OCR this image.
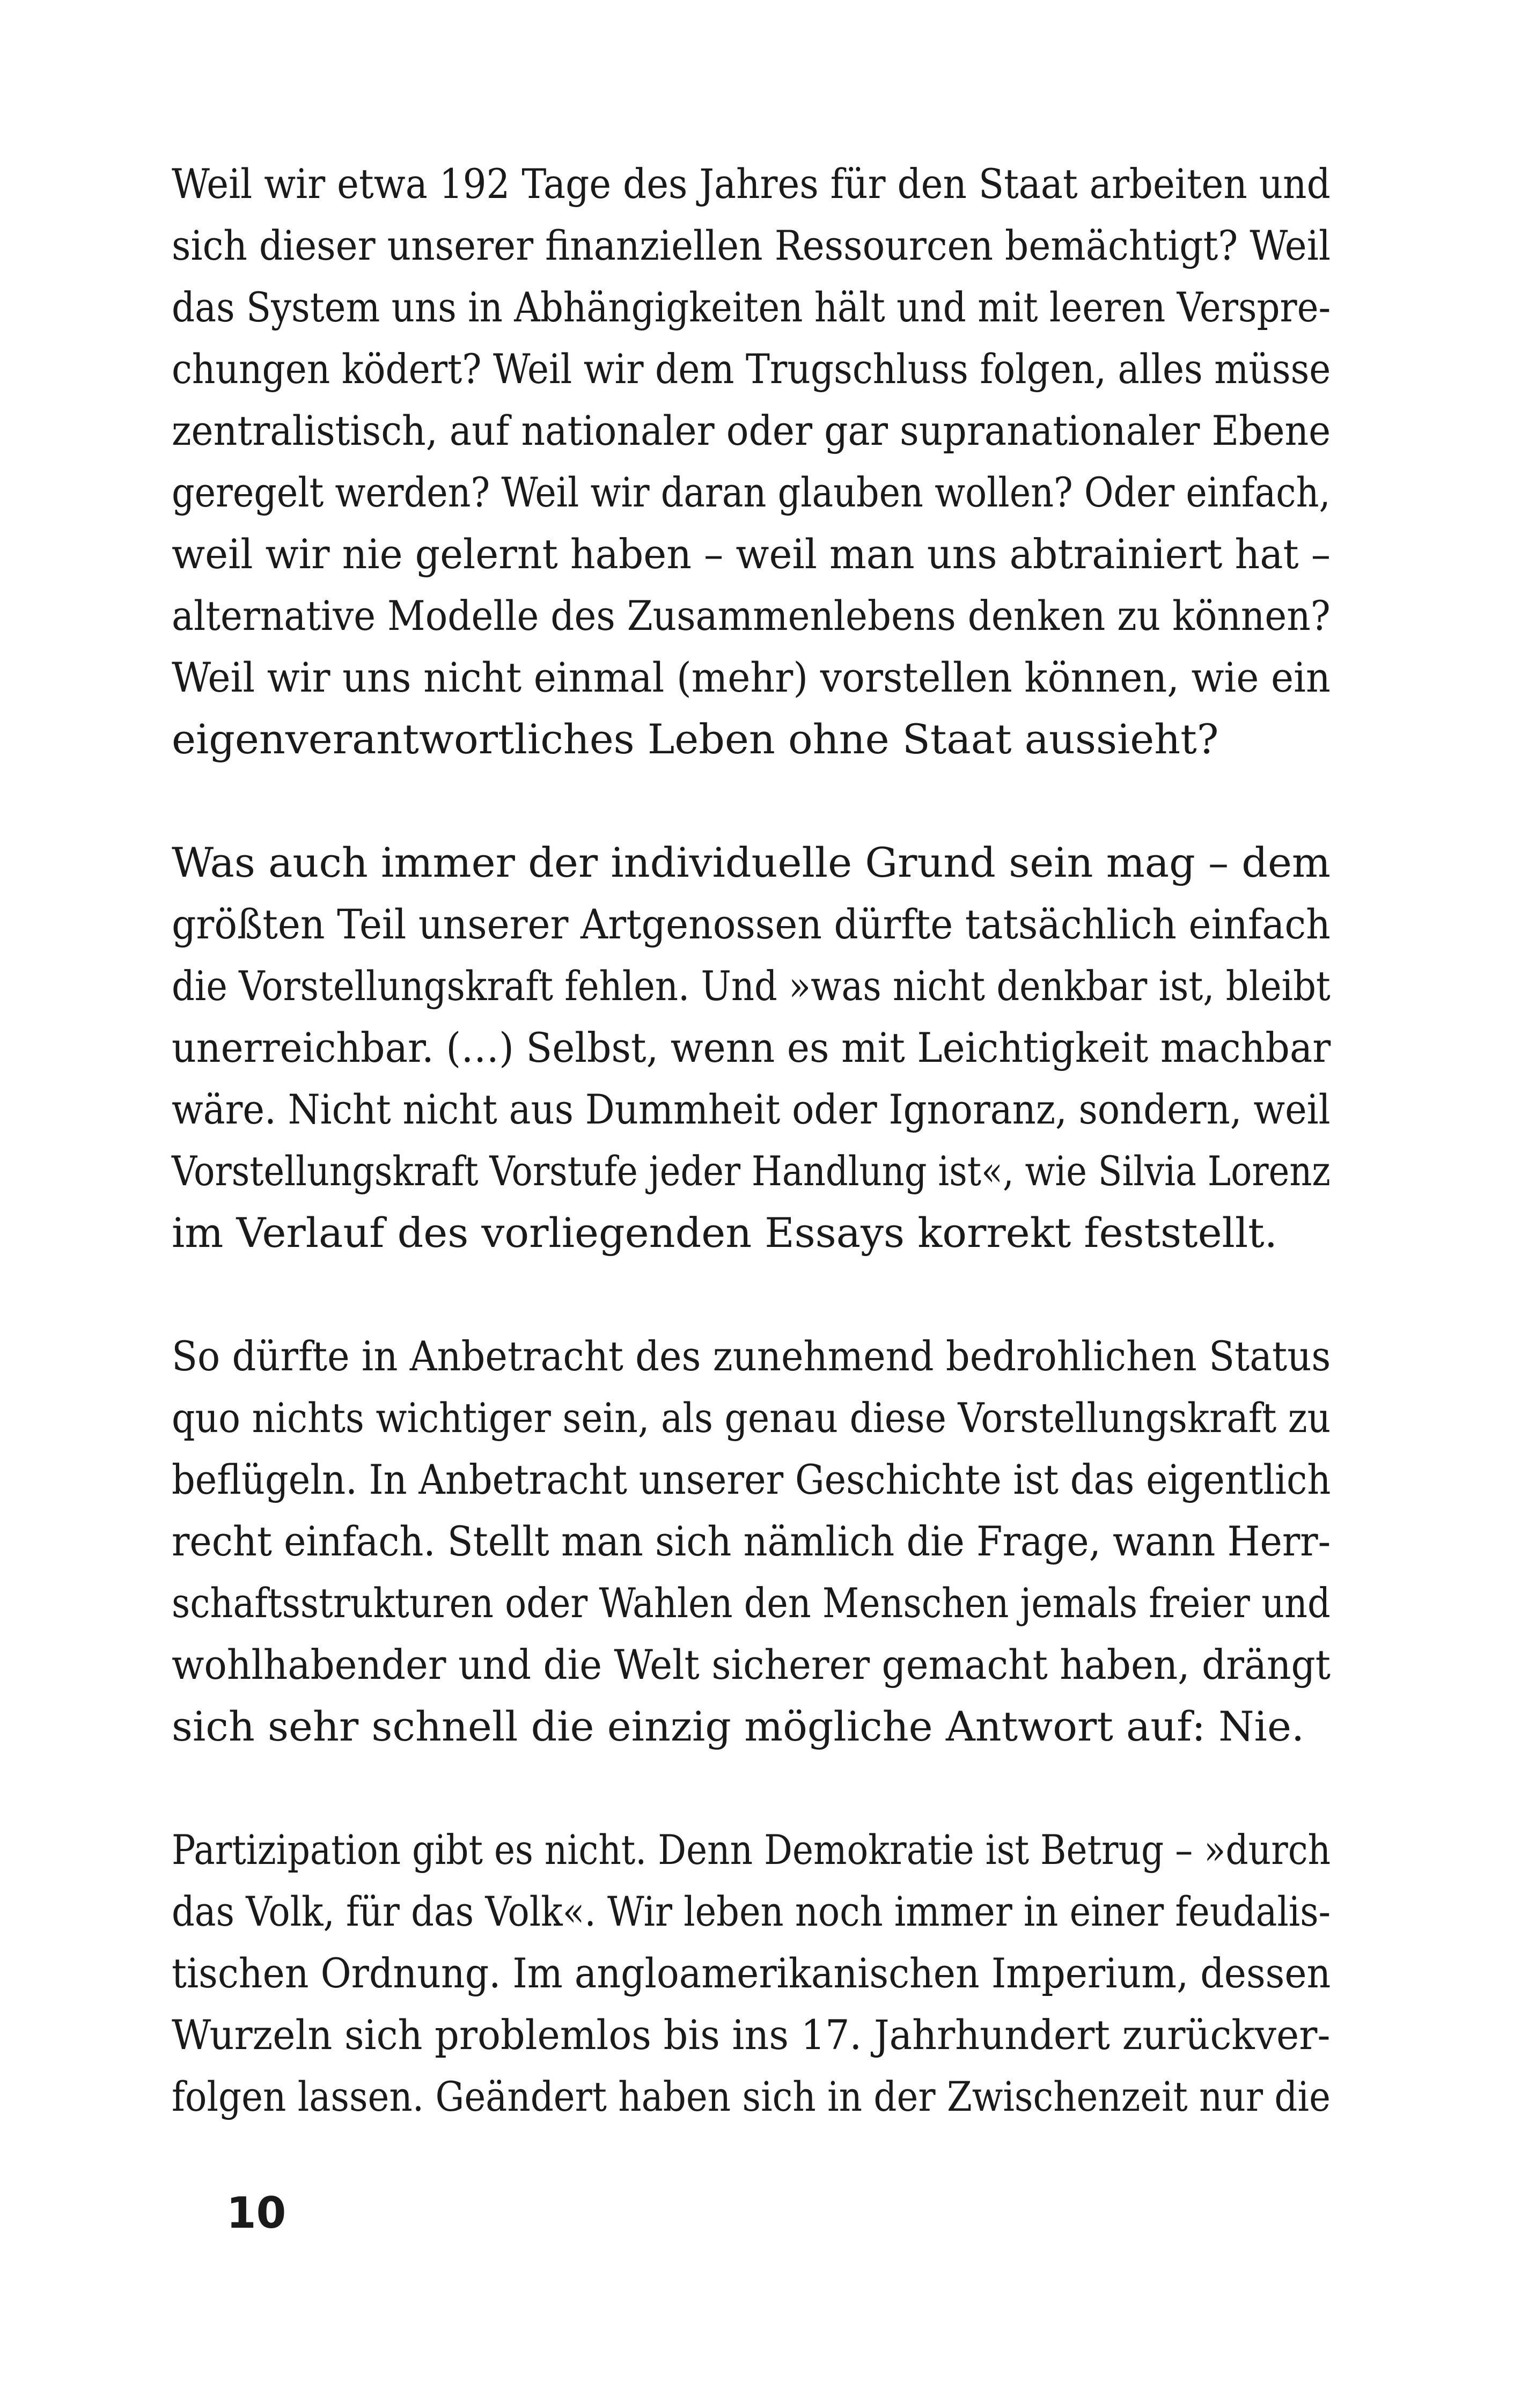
Weil wir etwa 192 Tage des Jahres für den Staat arbeiten und
sich dieser unserer finanziellen Ressourcen bemächtigt? Weil
das System uns in Abhängigkeiten hält und mit leeren Verspre-
chungen ködert? Weil wir dem Trugschluss folgen, alles müsse
zentralistisch, auf nationaler oder gar supranationaler Ebene
geregelt werden? Weil wir daran glauben wollen? Oder einfach,
weil wir nie gelernt haben – weil man uns abtrainiert hat –
alternative Modelle des Zusammenlebens denken zu können?
Weil wir uns nicht einmal (mehr) vorstellen können, wie ein
eigenverantwortliches Leben ohne Staat aussieht?
Was auch immer der individuelle Grund sein mag – dem
größten Teil unserer Artgenossen dürfte tatsächlich einfach
die Vorstellungskraft fehlen. Und »was nicht denkbar ist, bleibt
unerreichbar. (…) Selbst, wenn es mit Leichtigkeit machbar
wäre. Nicht nicht aus Dummheit oder Ignoranz, sondern, weil
Vorstellungskraft Vorstufe jeder Handlung ist«, wie Silvia Lorenz
im Verlauf des vorliegenden Essays korrekt feststellt.
So dürfte in Anbetracht des zunehmend bedrohlichen Status
quo nichts wichtiger sein, als genau diese Vorstellungskraft zu
beflügeln. In Anbetracht unserer Geschichte ist das eigentlich
recht einfach. Stellt man sich nämlich die Frage, wann Herr-
schaftsstrukturen oder Wahlen den Menschen jemals freier und
wohlhabender und die Welt sicherer gemacht haben, drängt
sich sehr schnell die einzig mögliche Antwort auf: Nie.
Partizipation gibt es nicht. Denn Demokratie ist Betrug – »durch
das Volk, für das Volk«. Wir leben noch immer in einer feudalis-
tischen Ordnung. Im angloamerikanischen Imperium, dessen
Wurzeln sich problemlos bis ins 17. Jahrhundert zurückver-
folgen lassen. Geändert haben sich in der Zwischenzeit nur die
10
